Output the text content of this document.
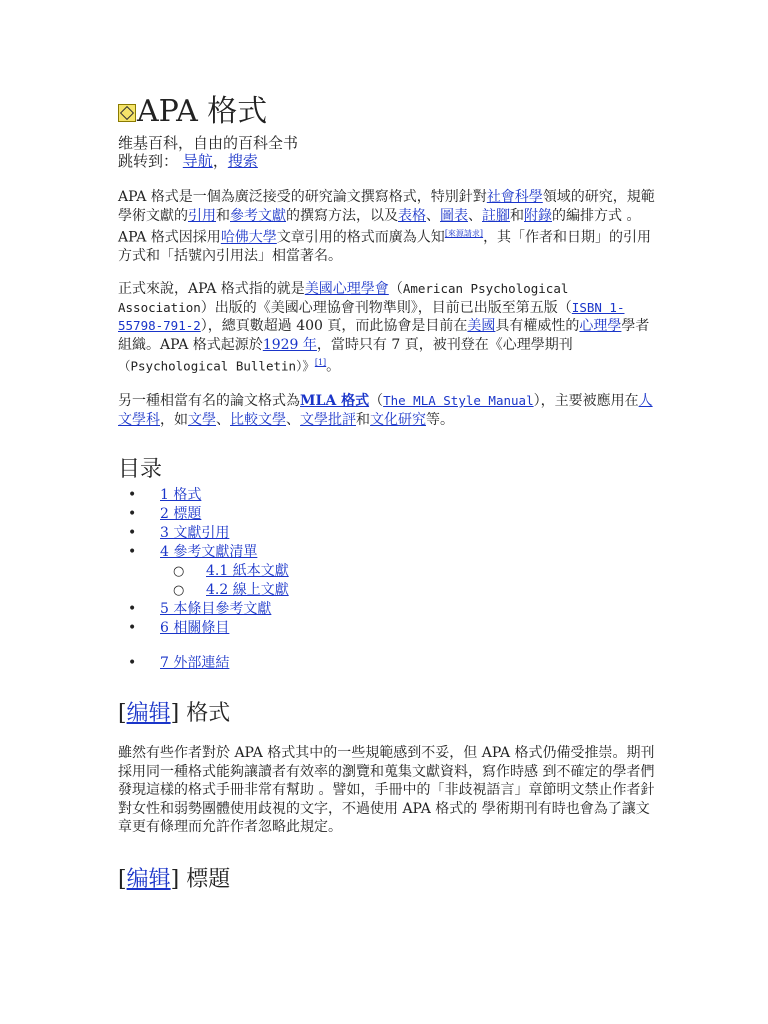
APA 格式
维基百科，自由的百科全书
跳转到： 导航，搜索
APA 格式是一個為廣泛接受的研究論文撰寫格式，特別針對社會科學領域的研究，規範學術文獻的引用和參考文獻的撰寫方法，以及表格、圖表、註腳和附錄的編排方式 。APA 格式因採用哈佛大學文章引用的格式而廣為人知[來源請求]，其「作者和日期」的引用方式和「括號內引用法」相當著名。
正式來說，APA 格式指的就是美國心理學會（American Psychological Association）出版的《美國心理協會刊物準則》，目前已出版至第五版（ISBN 1-55798-791-2），總頁數超過 400 頁，而此協會是目前在美國具有權威性的心理學學者組織。APA 格式起源於1929 年，當時只有 7 頁，被刊登在《心理學期刊（Psychological Bulletin）》[1]。
另一種相當有名的論文格式為MLA 格式（The MLA Style Manual），主要被應用在人文學科，如文學、比較文學、文學批評和文化研究等。
目录
• 1 格式
• 2 標題
• 3 文獻引用
• 4 參考文獻清單
○ 4.1 紙本文獻
○ 4.2 線上文獻
• 5 本條目參考文獻
• 6 相關條目
• 7 外部連結
[编辑] 格式
雖然有些作者對於 APA 格式其中的一些規範感到不妥，但 APA 格式仍備受推崇。期刊採用同一種格式能夠讓讀者有效率的瀏覽和蒐集文獻資料，寫作時感 到不確定的學者們發現這樣的格式手冊非常有幫助 。譬如，手冊中的「非歧視語言」章節明文禁止作者針對女性和弱勢團體使用歧視的文字，不過使用 APA 格式的 學術期刊有時也會為了讓文章更有條理而允許作者忽略此規定。
[编辑] 標題
